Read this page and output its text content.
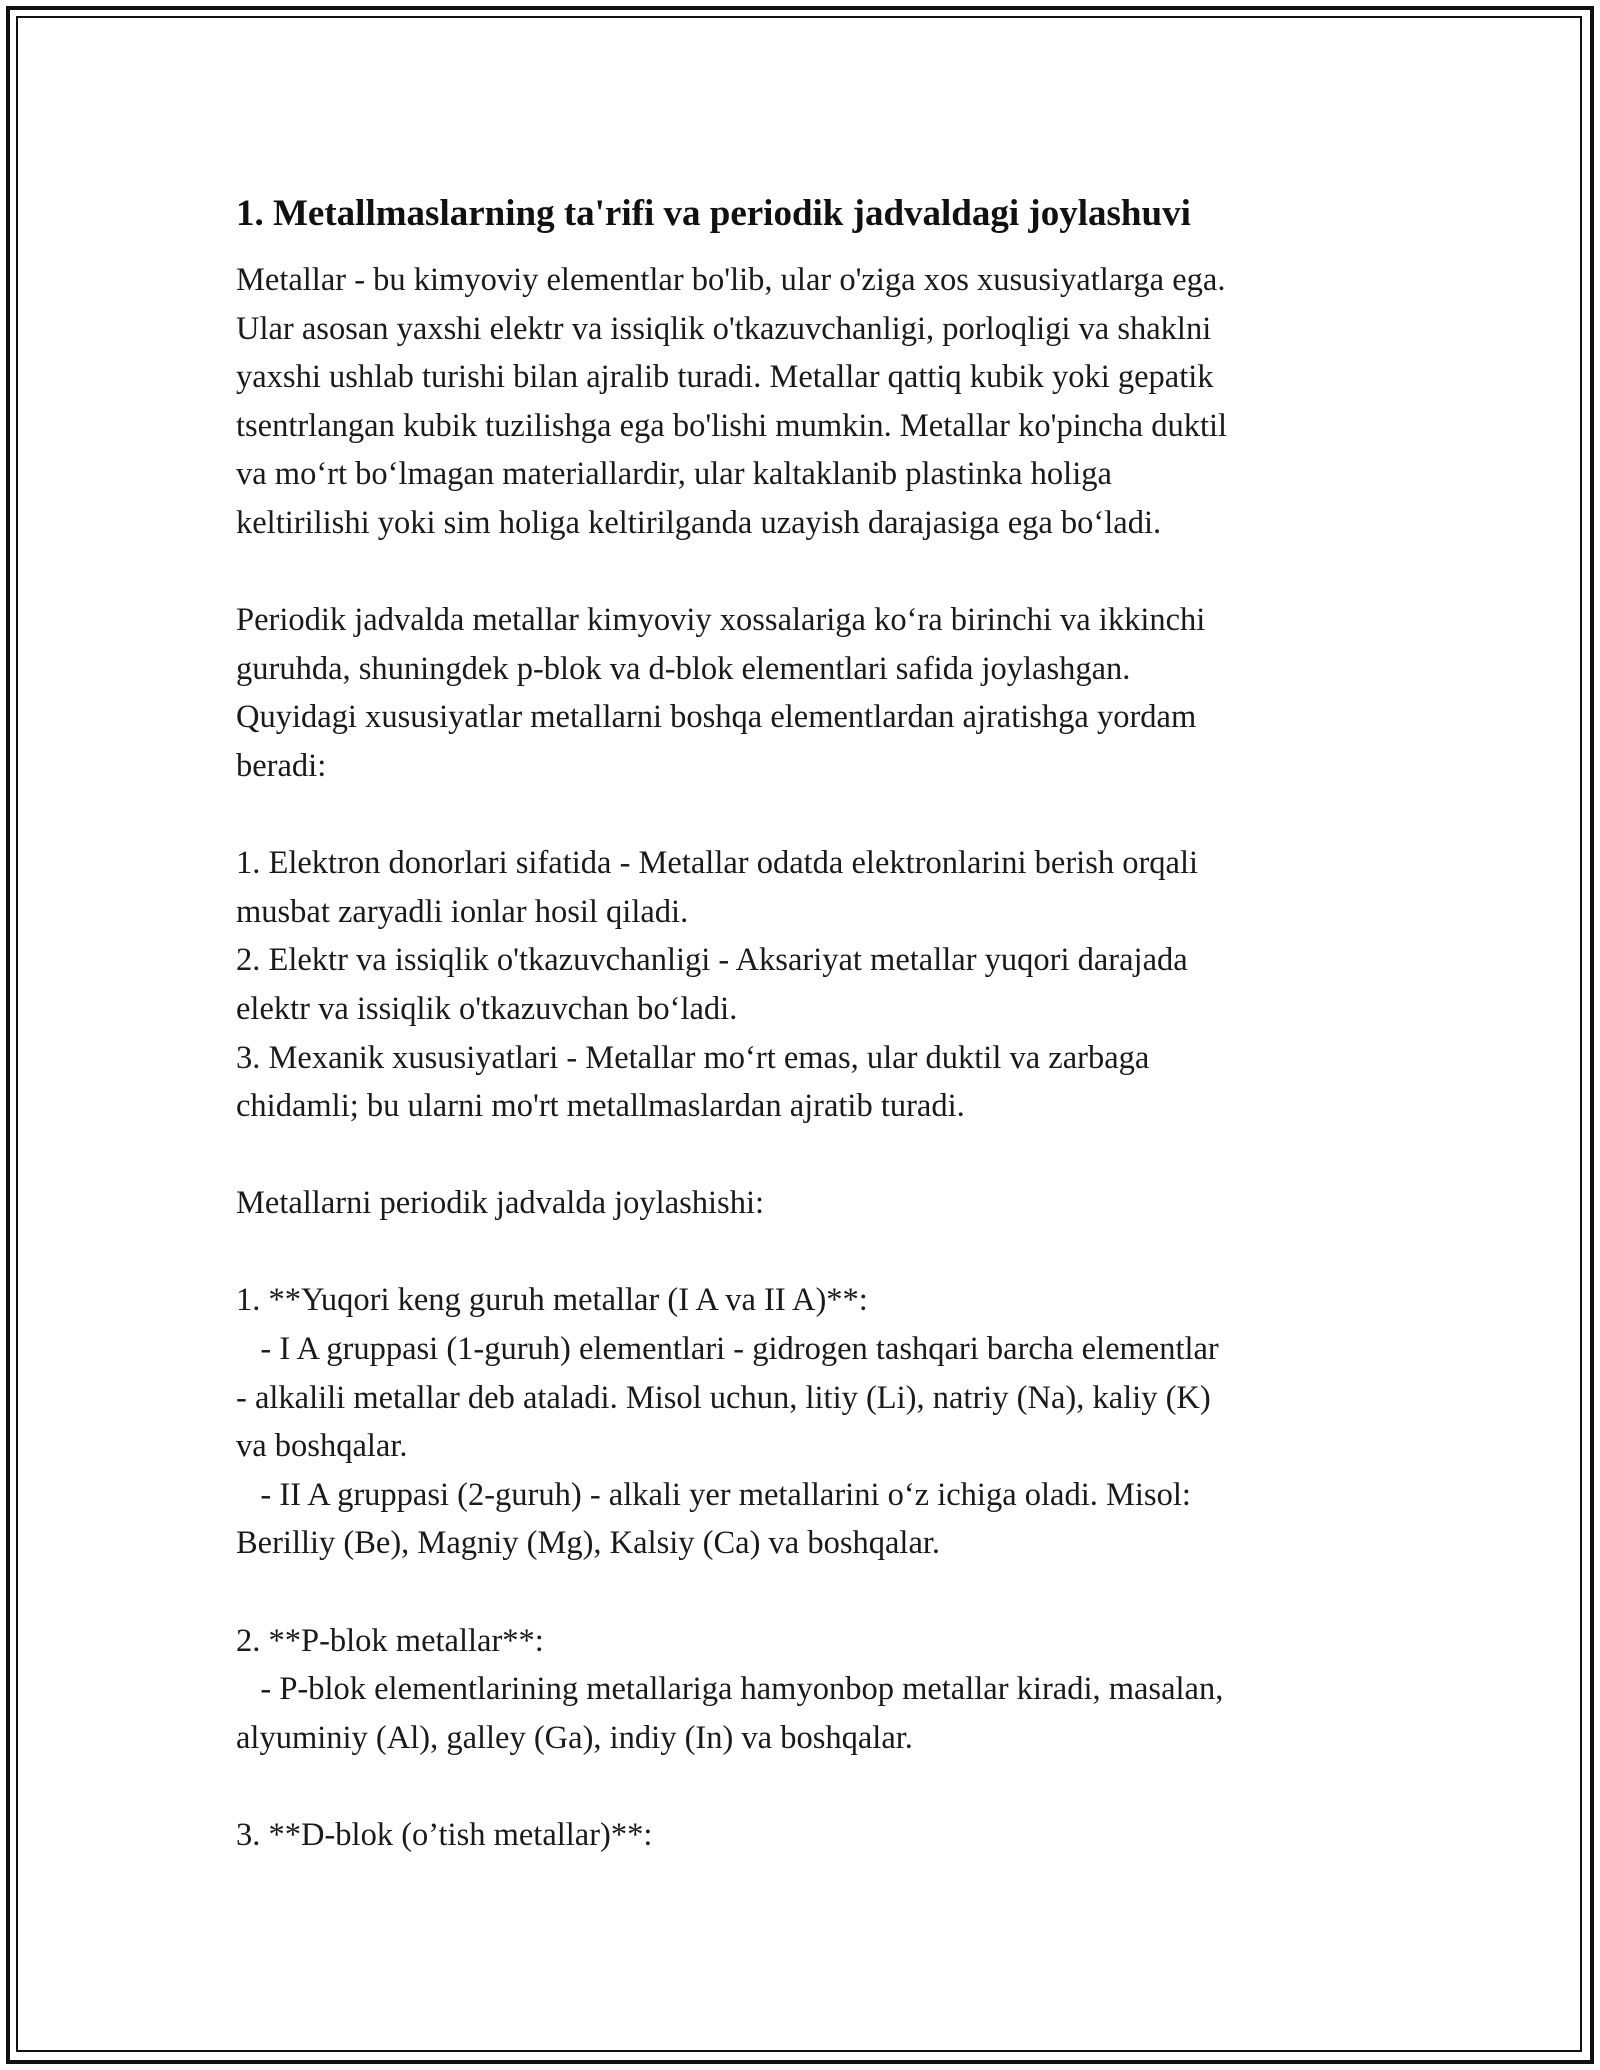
1. Metallmaslarning ta'rifi va periodik jadvaldagi joylashuvi
Metallar - bu kimyoviy elementlar bo'lib, ular o'ziga xos xususiyatlarga ega.
Ular asosan yaxshi elektr va issiqlik o'tkazuvchanligi, porloqligi va shaklni
yaxshi ushlab turishi bilan ajralib turadi. Metallar qattiq kubik yoki gepatik
tsentrlangan kubik tuzilishga ega bo'lishi mumkin. Metallar ko'pincha duktil
va moʻrt boʻlmagan materiallardir, ular kaltaklanib plastinka holiga
keltirilishi yoki sim holiga keltirilganda uzayish darajasiga ega boʻladi.
Periodik jadvalda metallar kimyoviy xossalariga koʻra birinchi va ikkinchi
guruhda, shuningdek p-blok va d-blok elementlari safida joylashgan.
Quyidagi xususiyatlar metallarni boshqa elementlardan ajratishga yordam
beradi:
1. Elektron donorlari sifatida - Metallar odatda elektronlarini berish orqali
musbat zaryadli ionlar hosil qiladi.
2. Elektr va issiqlik o'tkazuvchanligi - Aksariyat metallar yuqori darajada
elektr va issiqlik o'tkazuvchan boʻladi.
3. Mexanik xususiyatlari - Metallar moʻrt emas, ular duktil va zarbaga
chidamli; bu ularni mo'rt metallmaslardan ajratib turadi.
Metallarni periodik jadvalda joylashishi:
1. **Yuqori keng guruh metallar (I A va II A)**:
- I A gruppasi (1-guruh) elementlari - gidrogen tashqari barcha elementlar
- alkalili metallar deb ataladi. Misol uchun, litiy (Li), natriy (Na), kaliy (K)
va boshqalar.
- II A gruppasi (2-guruh) - alkali yer metallarini oʻz ichiga oladi. Misol:
Berilliy (Be), Magniy (Mg), Kalsiy (Ca) va boshqalar.
2. **P-blok metallar**:
- P-blok elementlarining metallariga hamyonbop metallar kiradi, masalan,
alyuminiy (Al), galley (Ga), indiy (In) va boshqalar.
3. **D-blok (o’tish metallar)**:
